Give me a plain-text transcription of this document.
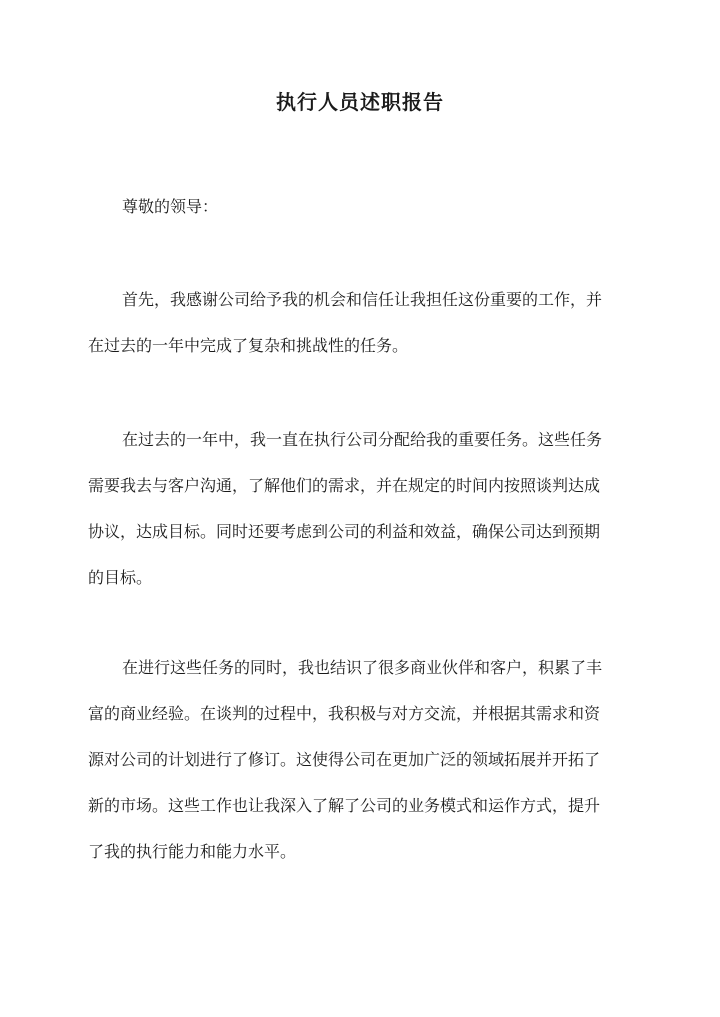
执行人员述职报告
尊敬的领导：
首先，我感谢公司给予我的机会和信任让我担任这份重要的工作，并
在过去的一年中完成了复杂和挑战性的任务。
在过去的一年中，我一直在执行公司分配给我的重要任务。这些任务
需要我去与客户沟通，了解他们的需求，并在规定的时间内按照谈判达成
协议，达成目标。同时还要考虑到公司的利益和效益，确保公司达到预期
的目标。
在进行这些任务的同时，我也结识了很多商业伙伴和客户，积累了丰
富的商业经验。在谈判的过程中，我积极与对方交流，并根据其需求和资
源对公司的计划进行了修订。这使得公司在更加广泛的领域拓展并开拓了
新的市场。这些工作也让我深入了解了公司的业务模式和运作方式，提升
了我的执行能力和能力水平。
